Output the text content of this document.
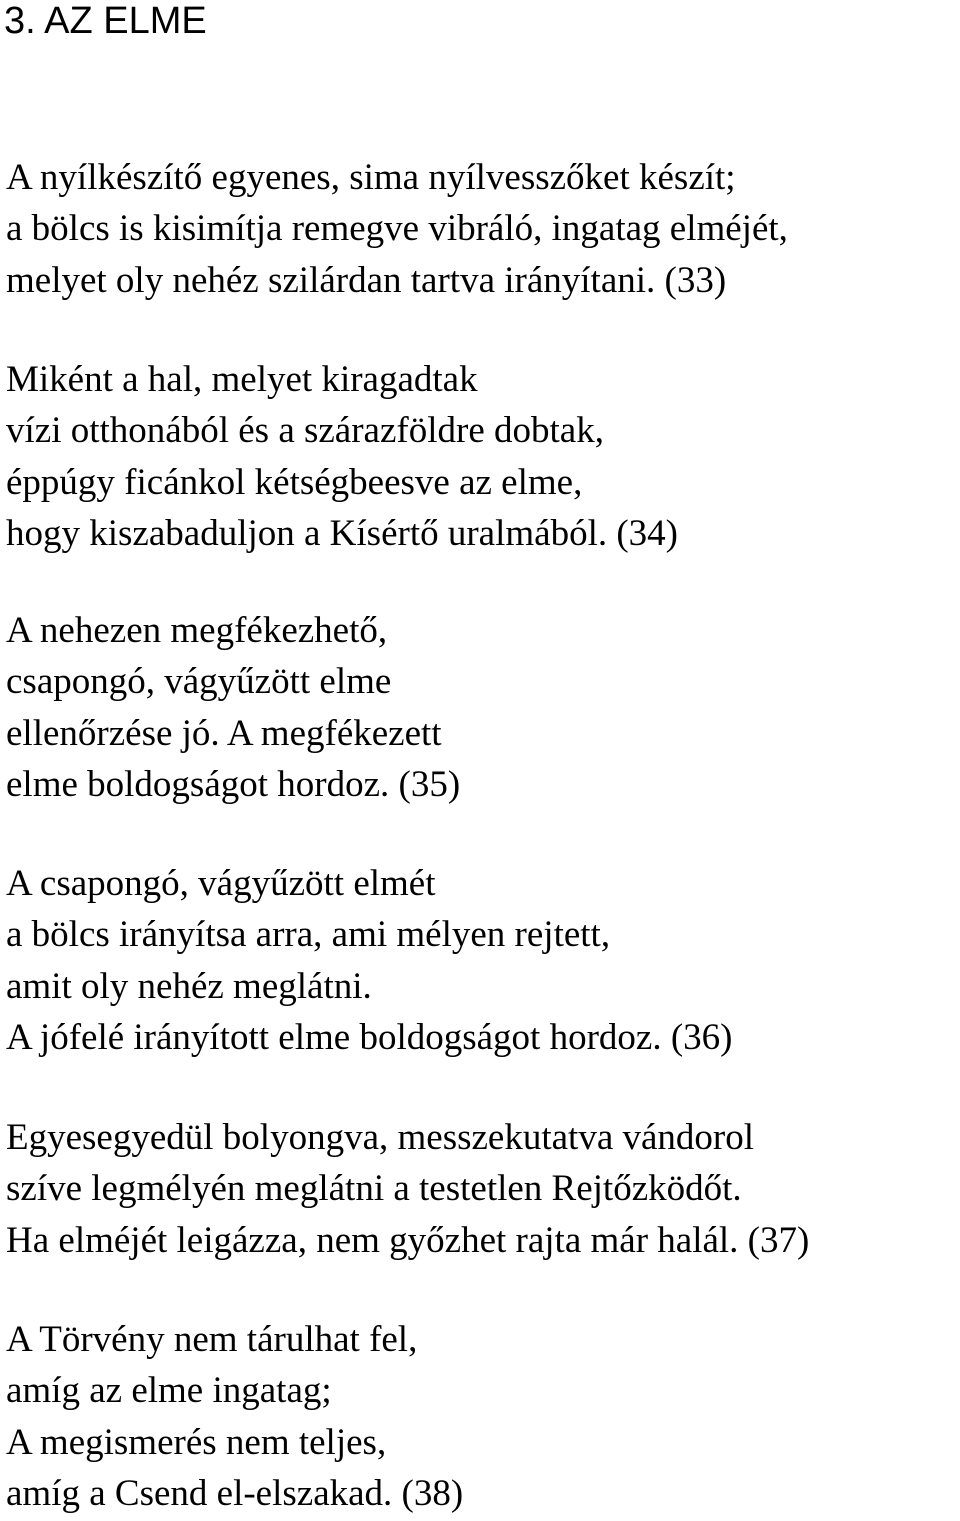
3. AZ ELME
A nyílkészítő egyenes, sima nyílvesszőket készít;
a bölcs is kisimítja remegve vibráló, ingatag elméjét,
melyet oly nehéz szilárdan tartva irányítani. (33)
Miként a hal, melyet kiragadtak
vízi otthonából és a szárazföldre dobtak,
éppúgy ficánkol kétségbeesve az elme,
hogy kiszabaduljon a Kísértő uralmából. (34)
A nehezen megfékezhető,
csapongó, vágyűzött elme
ellenőrzése jó. A megfékezett
elme boldogságot hordoz. (35)
A csapongó, vágyűzött elmét
a bölcs irányítsa arra, ami mélyen rejtett,
amit oly nehéz meglátni.
A jófelé irányított elme boldogságot hordoz. (36)
Egyesegyedül bolyongva, messzekutatva vándorol
szíve legmélyén meglátni a testetlen Rejtőzködőt.
Ha elméjét leigázza, nem győzhet rajta már halál. (37)
A Törvény nem tárulhat fel,
amíg az elme ingatag;
A megismerés nem teljes,
amíg a Csend el-elszakad. (38)
